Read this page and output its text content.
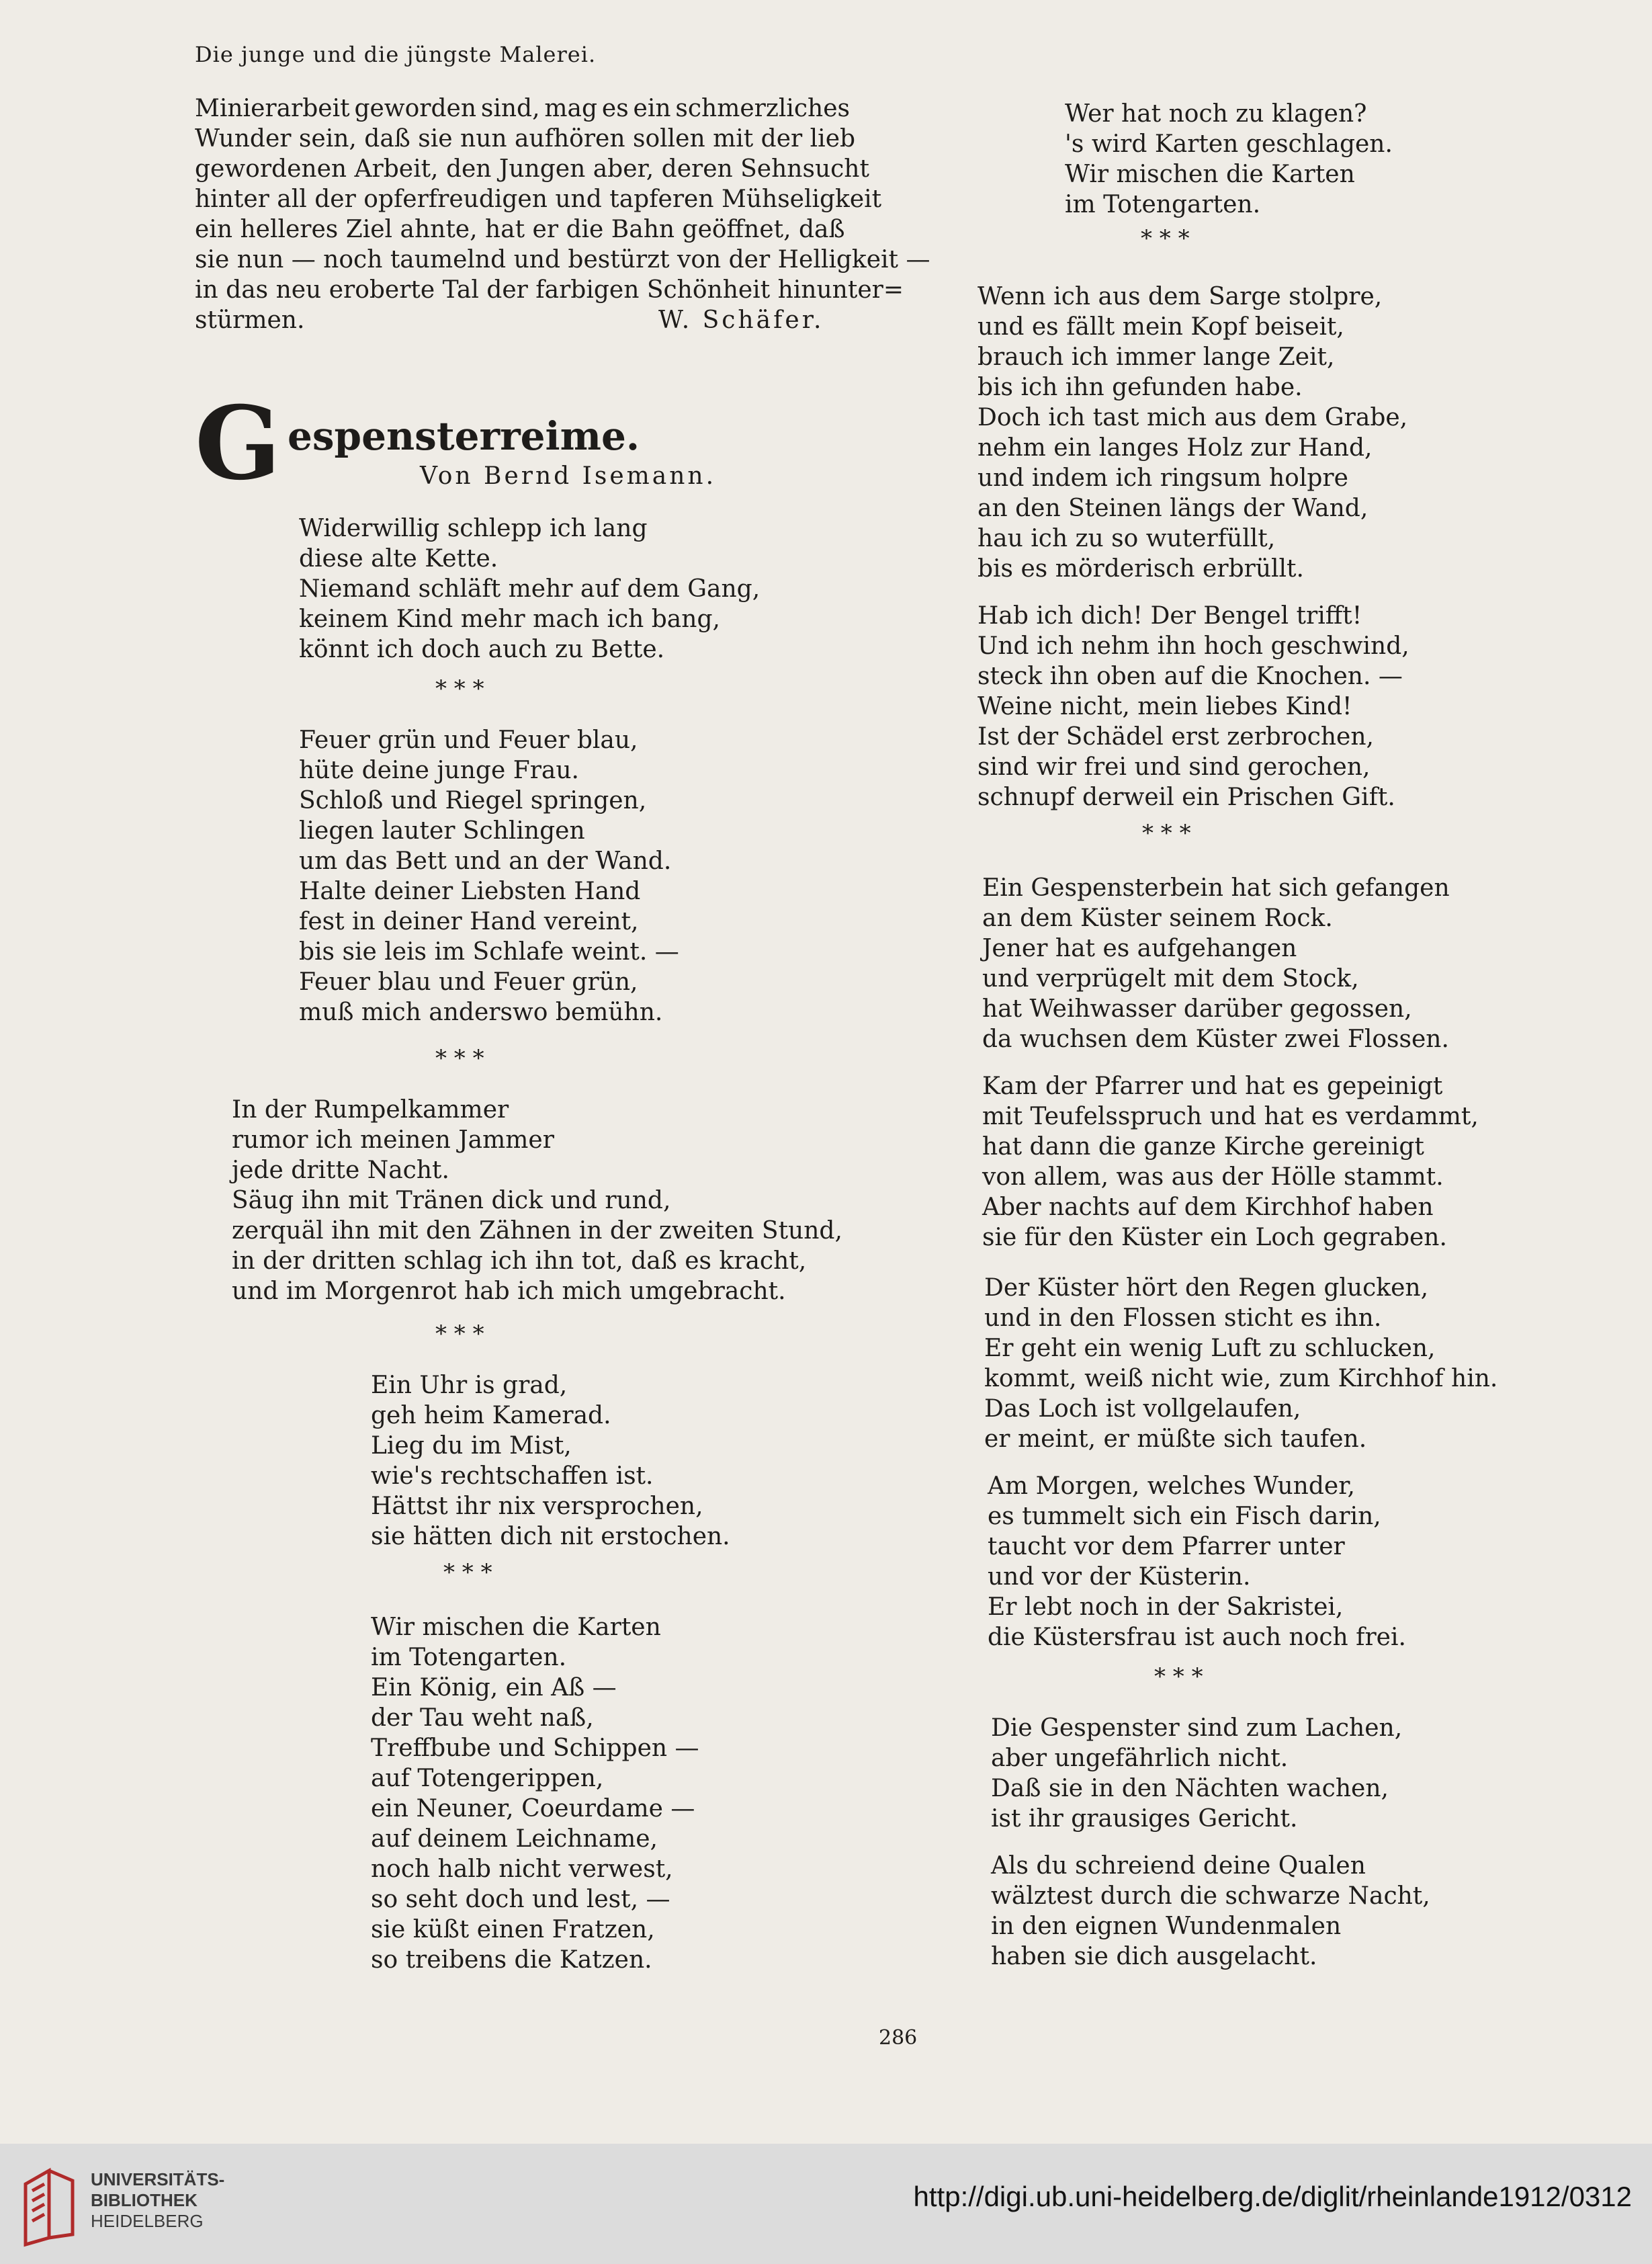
Die junge und die jüngste Malerei.
Minierarbeit geworden sind, mag es ein schmerzliches
Wunder sein, daß sie nun aufhören sollen mit der lieb
gewordenen Arbeit, den Jungen aber, deren Sehnsucht
hinter all der opferfreudigen und tapferen Mühseligkeit
ein helleres Ziel ahnte, hat er die Bahn geöffnet, daß
sie nun — noch taumelnd und bestürzt von der Helligkeit —
in das neu eroberte Tal der farbigen Schönheit hinunter=
stürmen.	W. Schäfer.
G espensterreime.
Von Bernd Isemann.
Widerwillig schlepp ich lang
diese alte Kette.
Niemand schläft mehr auf dem Gang,
keinem Kind mehr mach ich bang,
könnt ich doch auch zu Bette.
* * *
Feuer grün und Feuer blau,
hüte deine junge Frau.
Schloß und Riegel springen,
liegen lauter Schlingen
um das Bett und an der Wand.
Halte deiner Liebsten Hand
fest in deiner Hand vereint,
bis sie leis im Schlafe weint. —
Feuer blau und Feuer grün,
muß mich anderswo bemühn.
* * *
In der Rumpelkammer
rumor ich meinen Jammer
jede dritte Nacht.
Säug ihn mit Tränen dick und rund,
zerquäl ihn mit den Zähnen in der zweiten Stund,
in der dritten schlag ich ihn tot, daß es kracht,
und im Morgenrot hab ich mich umgebracht.
* * *
Ein Uhr is grad,
geh heim Kamerad.
Lieg du im Mist,
wie's rechtschaffen ist.
Hättst ihr nix versprochen,
sie hätten dich nit erstochen.
* * *
Wir mischen die Karten
im Totengarten.
Ein König, ein Aß —
der Tau weht naß,
Treffbube und Schippen —
auf Totengerippen,
ein Neuner, Coeurdame —
auf deinem Leichname,
noch halb nicht verwest,
so seht doch und lest, —
sie küßt einen Fratzen,
so treibens die Katzen.
Wer hat noch zu klagen?
's wird Karten geschlagen.
Wir mischen die Karten
im Totengarten.
* * *
Wenn ich aus dem Sarge stolpre,
und es fällt mein Kopf beiseit,
brauch ich immer lange Zeit,
bis ich ihn gefunden habe.
Doch ich tast mich aus dem Grabe,
nehm ein langes Holz zur Hand,
und indem ich ringsum holpre
an den Steinen längs der Wand,
hau ich zu so wuterfüllt,
bis es mörderisch erbrüllt.
Hab ich dich! Der Bengel trifft!
Und ich nehm ihn hoch geschwind,
steck ihn oben auf die Knochen. —
Weine nicht, mein liebes Kind!
Ist der Schädel erst zerbrochen,
sind wir frei und sind gerochen,
schnupf derweil ein Prischen Gift.
* * *
Ein Gespensterbein hat sich gefangen
an dem Küster seinem Rock.
Jener hat es aufgehangen
und verprügelt mit dem Stock,
hat Weihwasser darüber gegossen,
da wuchsen dem Küster zwei Flossen.
Kam der Pfarrer und hat es gepeinigt
mit Teufelsspruch und hat es verdammt,
hat dann die ganze Kirche gereinigt
von allem, was aus der Hölle stammt.
Aber nachts auf dem Kirchhof haben
sie für den Küster ein Loch gegraben.
Der Küster hört den Regen glucken,
und in den Flossen sticht es ihn.
Er geht ein wenig Luft zu schlucken,
kommt, weiß nicht wie, zum Kirchhof hin.
Das Loch ist vollgelaufen,
er meint, er müßte sich taufen.
Am Morgen, welches Wunder,
es tummelt sich ein Fisch darin,
taucht vor dem Pfarrer unter
und vor der Küsterin.
Er lebt noch in der Sakristei,
die Küstersfrau ist auch noch frei.
* * *
Die Gespenster sind zum Lachen,
aber ungefährlich nicht.
Daß sie in den Nächten wachen,
ist ihr grausiges Gericht.
Als du schreiend deine Qualen
wälztest durch die schwarze Nacht,
in den eignen Wundenmalen
haben sie dich ausgelacht.
286
UNIVERSITÄTS-
BIBLIOTHEK
HEIDELBERG
http://digi.ub.uni-heidelberg.de/diglit/rheinlande1912/0312
